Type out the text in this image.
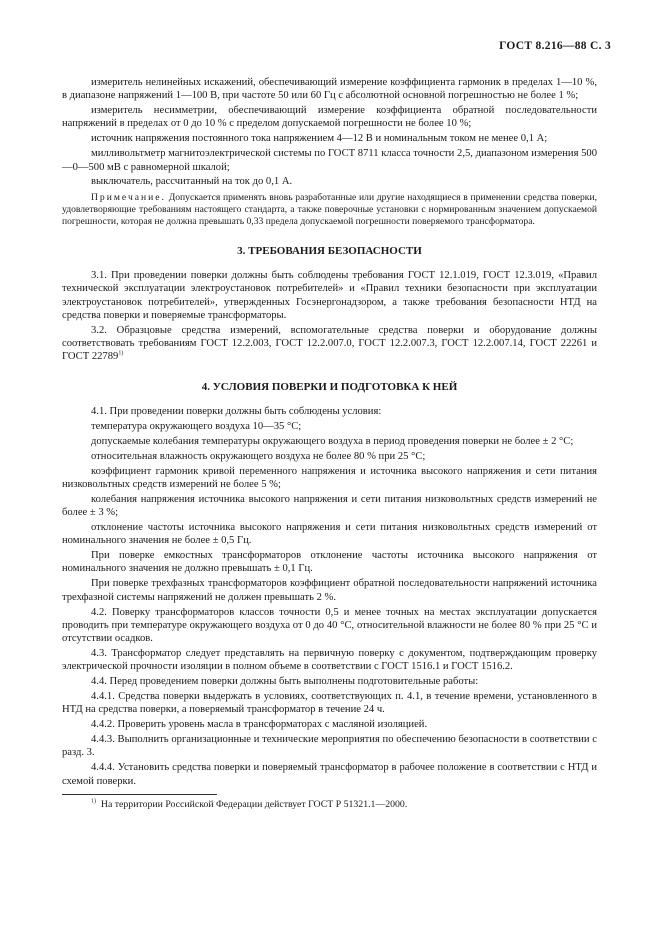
ГОСТ 8.216—88 С. 3

измеритель нелинейных искажений, обеспечивающий измерение коэффициента гармоник в пределах 1—10 %, в диапазоне напряжений 1—100 В, при частоте 50 или 60 Гц с абсолютной основной погрешностью не более 1 %;

измеритель несимметрии, обеспечивающий измерение коэффициента обратной последовательности напряжений в пределах от 0 до 10 % с пределом допускаемой погрешности не более 10 %;

источник напряжения постоянного тока напряжением 4—12 В и номинальным током не менее 0,1 А;

милливольтметр магнитоэлектрической системы по ГОСТ 8711 класса точности 2,5, диапазоном измерения 500—0—500 мВ с равномерной шкалой;

выключатель, рассчитанный на ток до 0,1 А.

Примечание. Допускается применять вновь разработанные или другие находящиеся в применении средства поверки, удовлетворяющие требованиям настоящего стандарта, а также поверочные установки с нормированным значением допускаемой погрешности, которая не должна превышать 0,33 предела допускаемой погрешности поверяемого трансформатора.

3. ТРЕБОВАНИЯ БЕЗОПАСНОСТИ

3.1. При проведении поверки должны быть соблюдены требования ГОСТ 12.1.019, ГОСТ 12.3.019, «Правил технической эксплуатации электроустановок потребителей» и «Правил техники безопасности при эксплуатации электроустановок потребителей», утвержденных Госэнергонадзором, а также требования безопасности НТД на средства поверки и поверяемые трансформаторы.

3.2. Образцовые средства измерений, вспомогательные средства поверки и оборудование должны соответствовать требованиям ГОСТ 12.2.003, ГОСТ 12.2.007.0, ГОСТ 12.2.007.3, ГОСТ 12.2.007.14, ГОСТ 22261 и ГОСТ 22789$^{1)}$

4. УСЛОВИЯ ПОВЕРКИ И ПОДГОТОВКА К НЕЙ

4.1. При проведении поверки должны быть соблюдены условия:

температура окружающего воздуха 10—35 °С;

допускаемые колебания температуры окружающего воздуха в период проведения поверки не более ± 2 °С;

относительная влажность окружающего воздуха не более 80 % при 25 °С;

коэффициент гармоник кривой переменного напряжения и источника высокого напряжения и сети питания низковольтных средств измерений не более 5 %;

колебания напряжения источника высокого напряжения и сети питания низковольтных средств измерений не более ± 3 %;

отклонение частоты источника высокого напряжения и сети питания низковольтных средств измерений от номинального значения не более ± 0,5 Гц.

При поверке емкостных трансформаторов отклонение частоты источника высокого напряжения от номинального значения не должно превышать ± 0,1 Гц.

При поверке трехфазных трансформаторов коэффициент обратной последовательности напряжений источника трехфазной системы напряжений не должен превышать 2 %.

4.2. Поверку трансформаторов классов точности 0,5 и менее точных на местах эксплуатации допускается проводить при температуре окружающего воздуха от 0 до 40 °С, относительной влажности не более 80 % при 25 °С и отсутствии осадков.

4.3. Трансформатор следует представлять на первичную поверку с документом, подтверждающим проверку электрической прочности изоляции в полном объеме в соответствии с ГОСТ 1516.1 и ГОСТ 1516.2.

4.4. Перед проведением поверки должны быть выполнены подготовительные работы:

4.4.1. Средства поверки выдержать в условиях, соответствующих п. 4.1, в течение времени, установленного в НТД на средства поверки, а поверяемый трансформатор в течение 24 ч.

4.4.2. Проверить уровень масла в трансформаторах с масляной изоляцией.

4.4.3. Выполнить организационные и технические мероприятия по обеспечению безопасности в соответствии с разд. 3.

4.4.4. Установить средства поверки и поверяемый трансформатор в рабочее положение в соответствии с НТД и схемой поверки.

$^{1)}$ На территории Российской Федерации действует ГОСТ Р 51321.1—2000.
